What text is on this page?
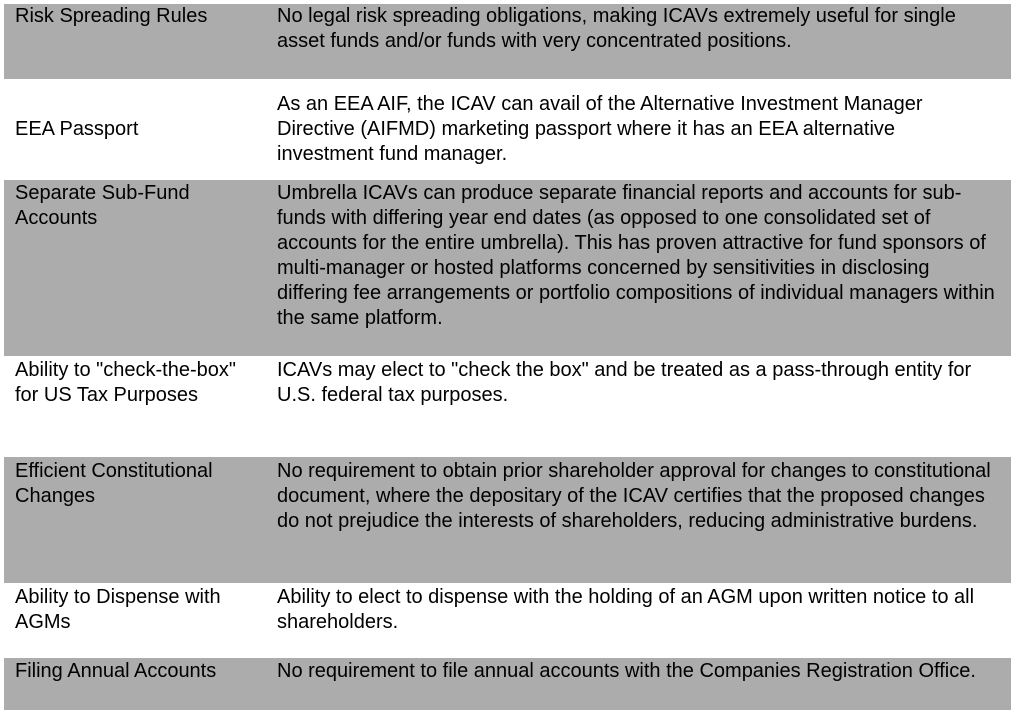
Risk Spreading Rules	No legal risk spreading obligations, making ICAVs extremely useful for single asset funds and/or funds with very concentrated positions.
EEA Passport
As an EEA AIF, the ICAV can avail of the Alternative Investment Manager Directive (AIFMD) marketing passport where it has an EEA alternative investment fund manager.
Separate Sub-Fund Accounts
Umbrella ICAVs can produce separate financial reports and accounts for sub-funds with differing year end dates (as opposed to one consolidated set of accounts for the entire umbrella). This has proven attractive for fund sponsors of multi-manager or hosted platforms concerned by sensitivities in disclosing differing fee arrangements or portfolio compositions of individual managers within the same platform.
Ability to "check-the-box" for US Tax Purposes
ICAVs may elect to "check the box" and be treated as a pass-through entity for U.S. federal tax purposes.
Efficient Constitutional Changes
No requirement to obtain prior shareholder approval for changes to constitutional document, where the depositary of the ICAV certifies that the proposed changes do not prejudice the interests of shareholders, reducing administrative burdens.
Ability to Dispense with AGMs
Ability to elect to dispense with the holding of an AGM upon written notice to all shareholders.
Filing Annual Accounts	No requirement to file annual accounts with the Companies Registration Office.
